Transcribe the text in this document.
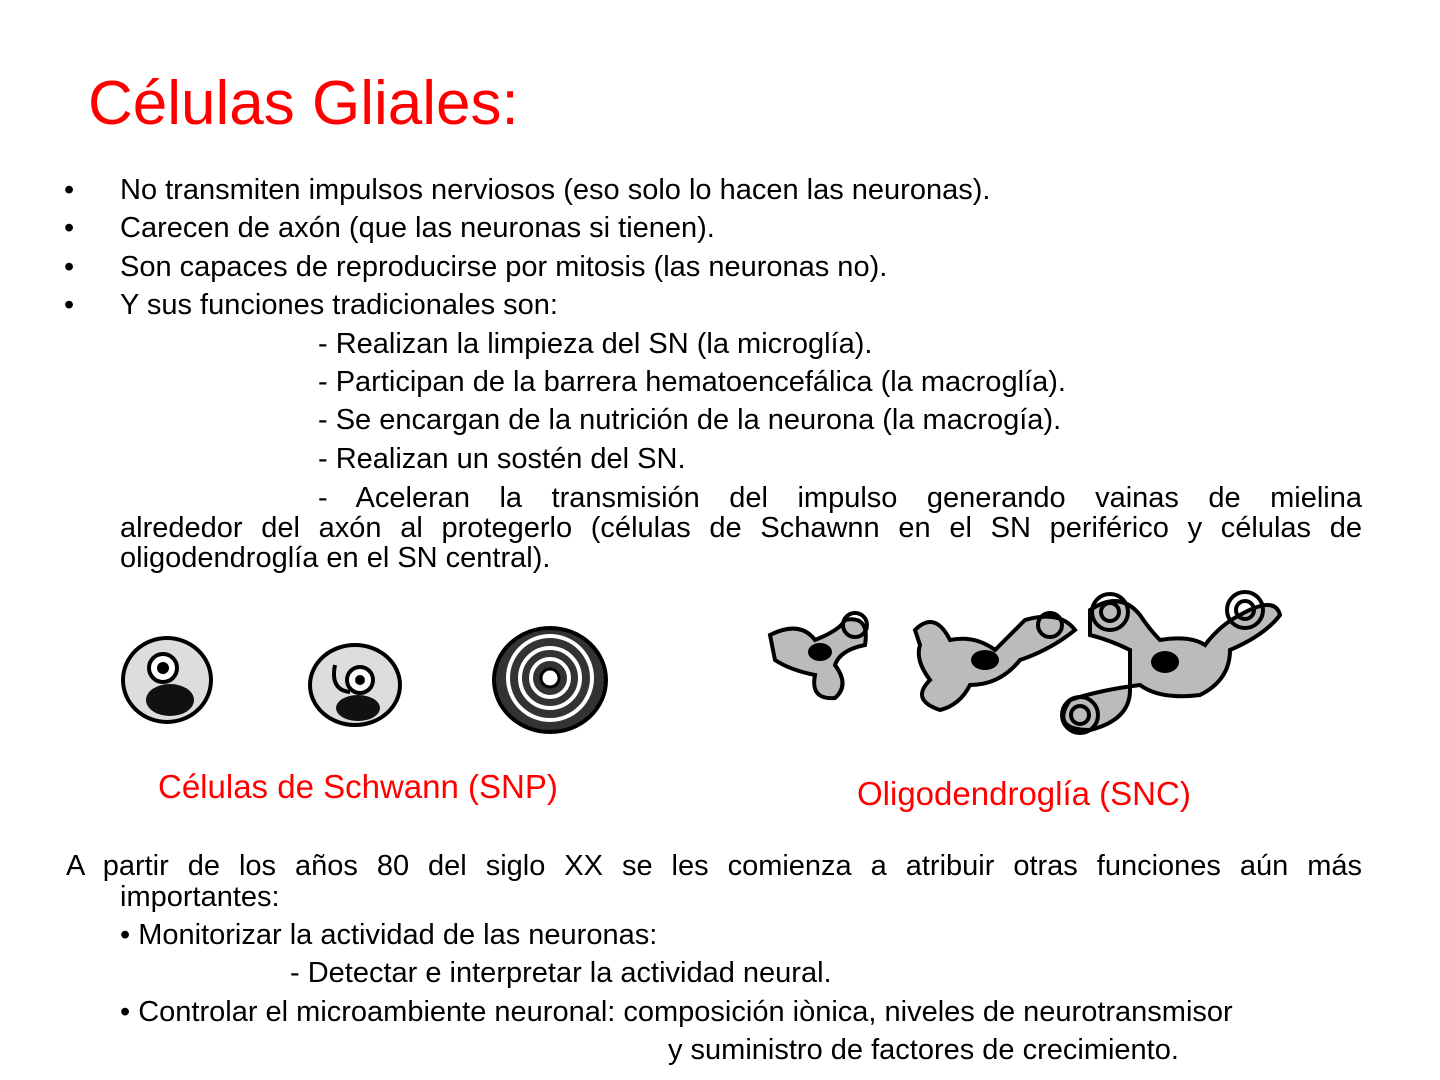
Células Gliales:
• No transmiten impulsos nerviosos (eso solo lo hacen las neuronas).
• Carecen de axón (que las neuronas si tienen).
• Son capaces de reproducirse por mitosis (las neuronas no).
• Y sus funciones tradicionales son:
- Realizan la limpieza del SN (la microglía).
- Participan de la barrera hematoencefálica (la macroglía).
- Se encargan de la nutrición de la neurona (la macrogía).
- Realizan un sostén del SN.
- Aceleran la transmisión del impulso generando vainas de mielina
alrededor del axón al protegerlo (células de Schawnn en el SN periférico y células de
oligodendroglía en el SN central).
Células de Schwann (SNP)	Oligodendroglía (SNC)
A partir de los años 80 del siglo XX se les comienza a atribuir otras funciones aún más
importantes:
• Monitorizar la actividad de las neuronas:
- Detectar e interpretar la actividad neural.
• Controlar el microambiente neuronal: composición iònica, niveles de neurotransmisor
y suministro de factores de crecimiento.
